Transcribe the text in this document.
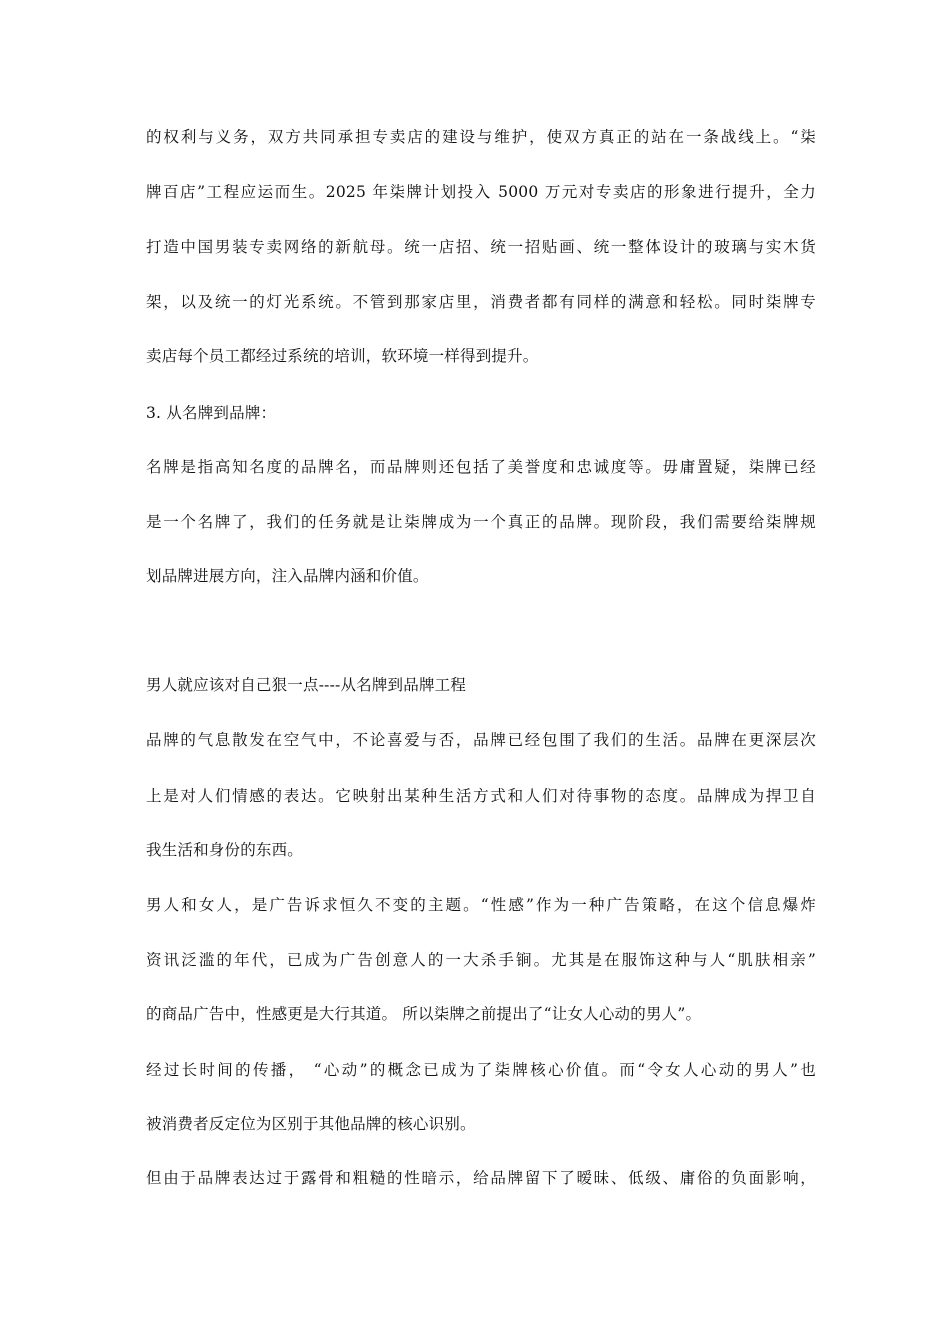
的权利与义务，双方共同承担专卖店的建设与维护，使双方真正的站在一条战线上。“柒
牌百店”工程应运而生。2025 年柒牌计划投入 5000 万元对专卖店的形象进行提升，全力
打造中国男装专卖网络的新航母。统一店招、统一招贴画、统一整体设计的玻璃与实木货
架，以及统一的灯光系统。不管到那家店里，消费者都有同样的满意和轻松。同时柒牌专
卖店每个员工都经过系统的培训，软环境一样得到提升。
3. 从名牌到品牌：
名牌是指高知名度的品牌名，而品牌则还包括了美誉度和忠诚度等。毋庸置疑，柒牌已经
是一个名牌了，我们的任务就是让柒牌成为一个真正的品牌。现阶段，我们需要给柒牌规
划品牌进展方向，注入品牌内涵和价值。
男人就应该对自己狠一点----从名牌到品牌工程
品牌的气息散发在空气中，不论喜爱与否，品牌已经包围了我们的生活。品牌在更深层次
上是对人们情感的表达。它映射出某种生活方式和人们对待事物的态度。品牌成为捍卫自
我生活和身份的东西。
男人和女人，是广告诉求恒久不变的主题。“性感”作为一种广告策略，在这个信息爆炸
资讯泛滥的年代，已成为广告创意人的一大杀手锏。尤其是在服饰这种与人“肌肤相亲”
的商品广告中，性感更是大行其道。 所以柒牌之前提出了“让女人心动的男人”。
经过长时间的传播， “心动”的概念已成为了柒牌核心价值。而“令女人心动的男人”也
被消费者反定位为区别于其他品牌的核心识别。
但由于品牌表达过于露骨和粗糙的性暗示，给品牌留下了暧昧、低级、庸俗的负面影响，
